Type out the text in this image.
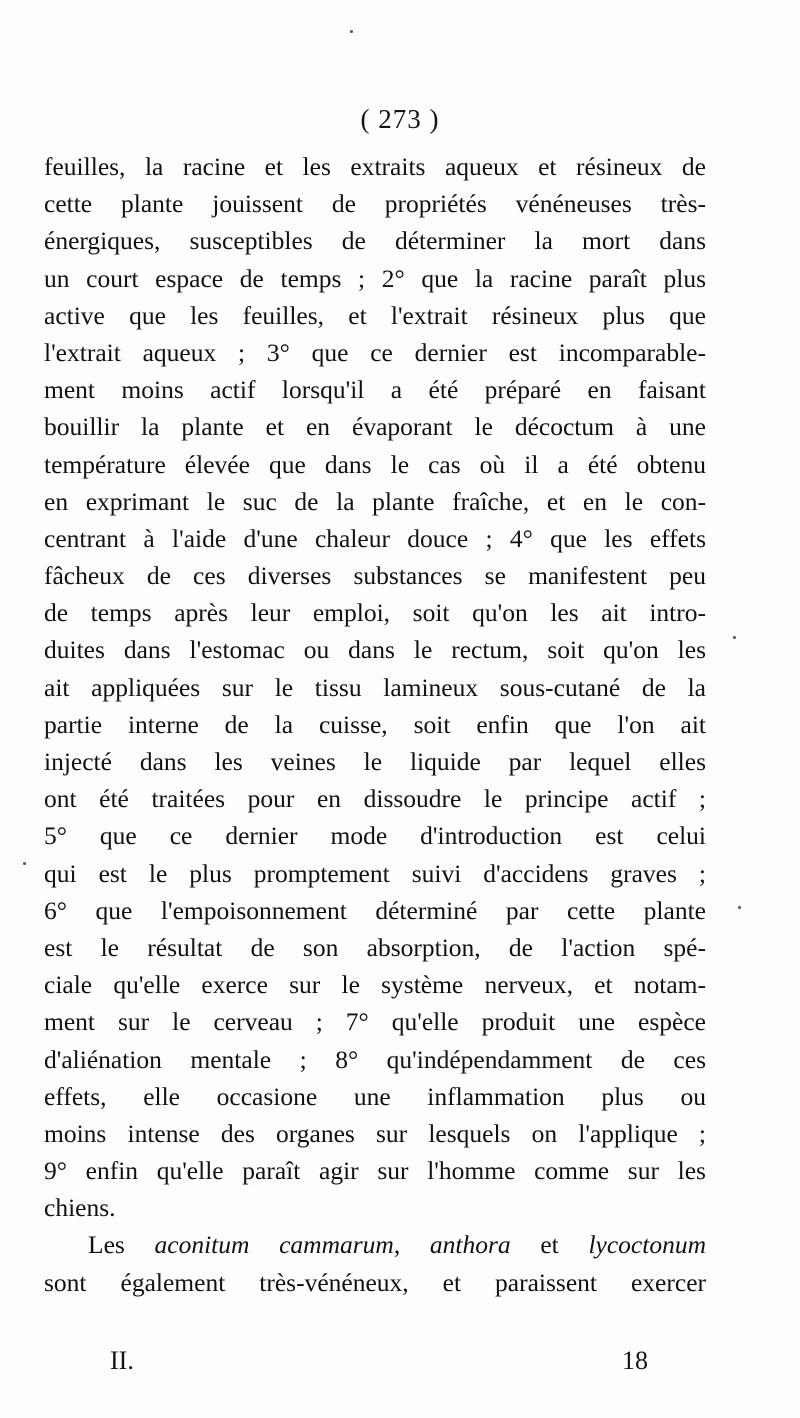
( 273 )
feuilles, la racine et les extraits aqueux et résineux de
cette plante jouissent de propriétés vénéneuses très-
énergiques, susceptibles de déterminer la mort dans
un court espace de temps ; 2° que la racine paraît plus
active que les feuilles, et l'extrait résineux plus que
l'extrait aqueux ; 3° que ce dernier est incomparable-
ment moins actif lorsqu'il a été préparé en faisant
bouillir la plante et en évaporant le décoctum à une
température élevée que dans le cas où il a été obtenu
en exprimant le suc de la plante fraîche, et en le con-
centrant à l'aide d'une chaleur douce ; 4° que les effets
fâcheux de ces diverses substances se manifestent peu
de temps après leur emploi, soit qu'on les ait intro-
duites dans l'estomac ou dans le rectum, soit qu'on les
ait appliquées sur le tissu lamineux sous-cutané de la
partie interne de la cuisse, soit enfin que l'on ait
injecté dans les veines le liquide par lequel elles
ont été traitées pour en dissoudre le principe actif ;
5° que ce dernier mode d'introduction est celui
qui est le plus promptement suivi d'accidens graves ;
6° que l'empoisonnement déterminé par cette plante
est le résultat de son absorption, de l'action spé-
ciale qu'elle exerce sur le système nerveux, et notam-
ment sur le cerveau ; 7° qu'elle produit une espèce
d'aliénation mentale ; 8° qu'indépendamment de ces
effets, elle occasione une inflammation plus ou
moins intense des organes sur lesquels on l'applique ;
9° enfin qu'elle paraît agir sur l'homme comme sur les
chiens.
Les aconitum cammarum, anthora et lycoctonum
sont également très-vénéneux, et paraissent exercer
II.	18
